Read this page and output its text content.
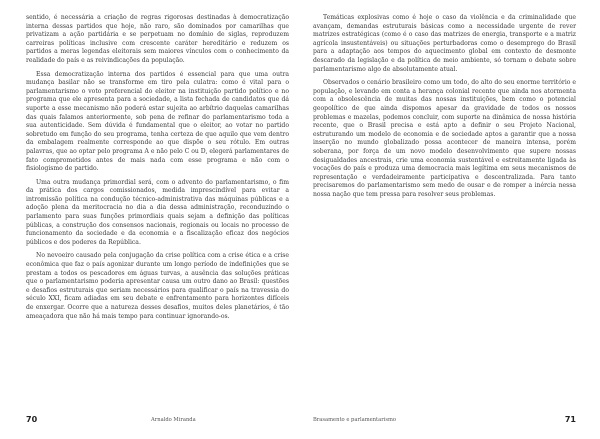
sentido, é necessária a criação de regras rigorosas destinadas à democratização interna dessas partidos que hoje, não raro, são dominados por camarilhas que privatizam a ação partidária e se perpetuam no domínio de siglas, reproduzem carreiras políticas inclusive com crescente caráter hereditário e reduzem os partidos a meras legendas eleitorais sem maiores vínculos com o conhecimento da realidade do país e as reivindicações da população.

Essa democratização interna dos partidos é essencial para que uma outra mudança basilar não se transforme em tiro pela culatra: como é vital para o parlamentarismo o voto preferencial do eleitor na instituição partido político e no programa que ele apresenta para a sociedade, a lista fechada de candidatos que dá suporte a esse mecanismo não poderá estar sujeita ao arbítrio daquelas camarilhas das quais falamos anteriormente, sob pena de refinar do parlamentarismo toda a sua autenticidade. Sem dúvida é fundamental que o eleitor, ao votar no partido sobretudo em função do seu programa, tenha certeza de que aquilo que vem dentro da embalagem realmente corresponde ao que dispõe o seu rótulo. Em outras palavras, que ao optar pelo programa A e não pelo C ou D, elegerá parlamentares de fato comprometidos antes de mais nada com esse programa e não com o fisiologismo de partido.

Uma outra mudança primordial será, com o advento do parlamentarismo, o fim da prática dos cargos comissionados, medida imprescindível para evitar a intromissão política na condução técnico-administrativa das máquinas públicas e a adoção plena da meritocracia no dia a dia dessa administração, reconduzindo o parlamento para suas funções primordiais quais sejam a definição das políticas públicas, a construção dos consensos nacionais, regionais ou locais no processo de funcionamento da sociedade e da economia e a fiscalização eficaz dos negócios públicos e dos poderes da República.

No nevoeiro causado pela conjugação da crise política com a crise ética e a crise econômica que faz o país agonizar durante um longo período de indefinições que se prestam a todos os pescadores em águas turvas, a ausência das soluções práticas que o parlamentarismo poderia apresentar causa um outro dano ao Brasil: questões e desafios estruturais que seriam necessários para qualificar o país na travessia do século XXI, ficam adiadas em seu debate e enfrentamento para horizontes difíceis de enxergar. Ocorre que a natureza desses desafios, muitos deles planetários, é tão ameaçadora que não há mais tempo para continuar ignorando-os.

70	Arnaldo Miranda

Temáticas explosivas como é hoje o caso da violência e da criminalidade que avançam, demandas estruturais básicas como a necessidade urgente de rever matrizes estratégicas (como é o caso das matrizes de energia, transporte e a matriz agrícola insustentáveis) ou situações perturbadoras como o desemprego do Brasil para a adaptação aos tempos do aquecimento global em contexto de desmonte descarado da legislação e da política de meio ambiente, só tornam o debate sobre parlamentarismo algo de absolutamente atual.

Observados o cenário brasileiro como um todo, do alto do seu enorme território e população, e levando em conta a herança colonial recente que ainda nos atormenta com a obsolescência de muitas das nossas instituições, bem como o potencial geopolítico de que ainda dispomos apesar da gravidade de todos os nossos problemas e mazelas, podemos concluir, com suporte na dinâmica de nossa história recente, que o Brasil precisa e está apto a definir o seu Projeto Nacional, estruturando um modelo de economia e de sociedade aptos a garantir que a nossa inserção no mundo globalizado possa acontecer de maneira intensa, porém soberana, por força de um novo modelo desenvolvimento que supere nossas desigualdades ancestrais, crie uma economia sustentável e estreitamente ligada às vocações do país e produza uma democracia mais legítima em seus mecanismos de representação e verdadeiramente participativa e descentralizada. Para tanto precisaremos do parlamentarismo sem medo de ousar e de romper a inércia nessa nossa nação que tem pressa para resolver seus problemas.

Brasamento e parlamentarismo	71
